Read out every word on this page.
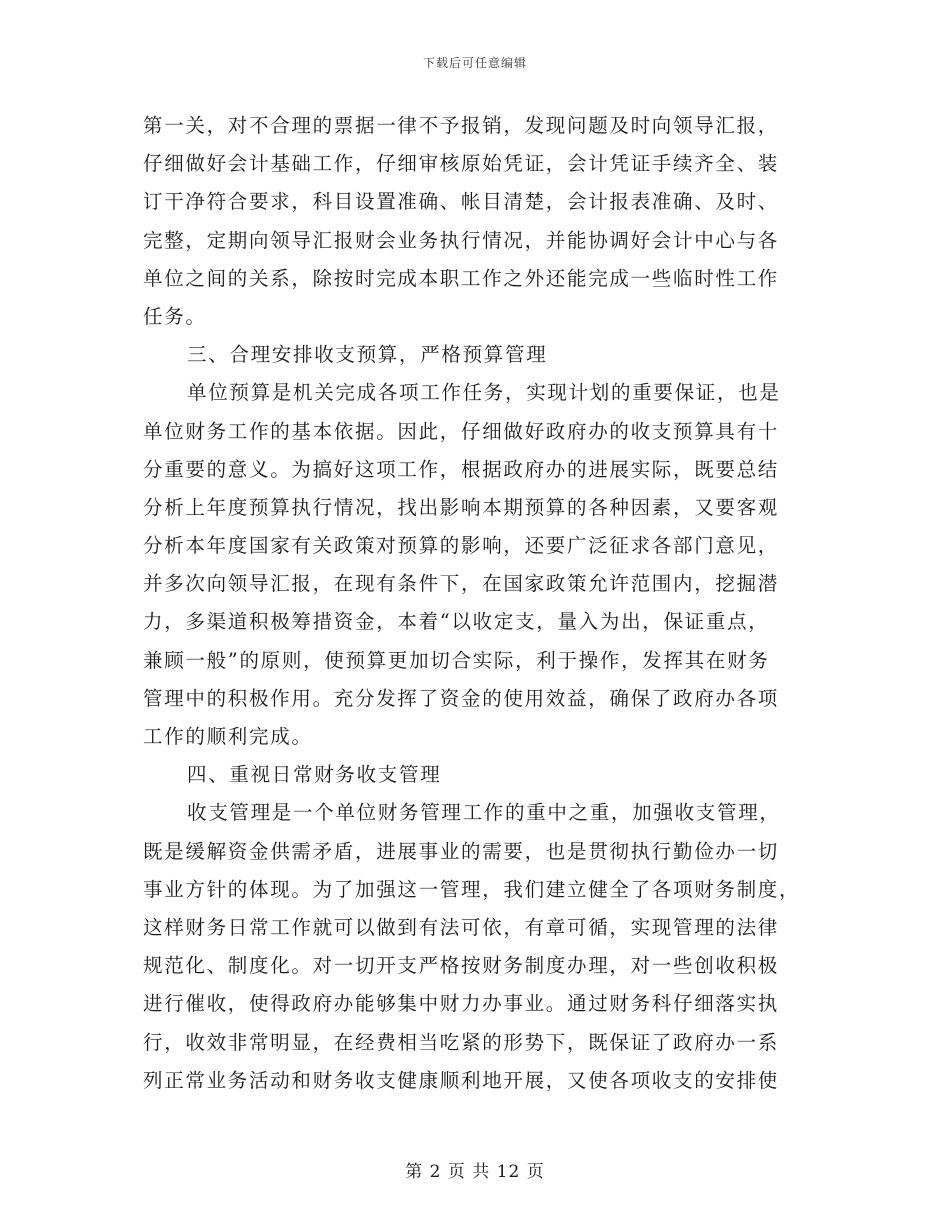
下载后可任意编辑
第一关，对不合理的票据一律不予报销，发现问题及时向领导汇报，
仔细做好会计基础工作，仔细审核原始凭证，会计凭证手续齐全、装
订干净符合要求，科目设置准确、帐目清楚，会计报表准确、及时、
完整，定期向领导汇报财会业务执行情况，并能协调好会计中心与各
单位之间的关系，除按时完成本职工作之外还能完成一些临时性工作
任务。
三、合理安排收支预算，严格预算管理
单位预算是机关完成各项工作任务，实现计划的重要保证，也是
单位财务工作的基本依据。因此，仔细做好政府办的收支预算具有十
分重要的意义。为搞好这项工作，根据政府办的进展实际，既要总结
分析上年度预算执行情况，找出影响本期预算的各种因素，又要客观
分析本年度国家有关政策对预算的影响，还要广泛征求各部门意见，
并多次向领导汇报，在现有条件下，在国家政策允许范围内，挖掘潜
力，多渠道积极筹措资金，本着“以收定支，量入为出，保证重点，
兼顾一般”的原则，使预算更加切合实际，利于操作，发挥其在财务
管理中的积极作用。充分发挥了资金的使用效益，确保了政府办各项
工作的顺利完成。
四、重视日常财务收支管理
收支管理是一个单位财务管理工作的重中之重，加强收支管理，
既是缓解资金供需矛盾，进展事业的需要，也是贯彻执行勤俭办一切
事业方针的体现。为了加强这一管理，我们建立健全了各项财务制度，
这样财务日常工作就可以做到有法可依，有章可循，实现管理的法律
规范化、制度化。对一切开支严格按财务制度办理，对一些创收积极
进行催收，使得政府办能够集中财力办事业。通过财务科仔细落实执
行，收效非常明显，在经费相当吃紧的形势下，既保证了政府办一系
列正常业务活动和财务收支健康顺利地开展，又使各项收支的安排使
第 2 页 共 12 页
